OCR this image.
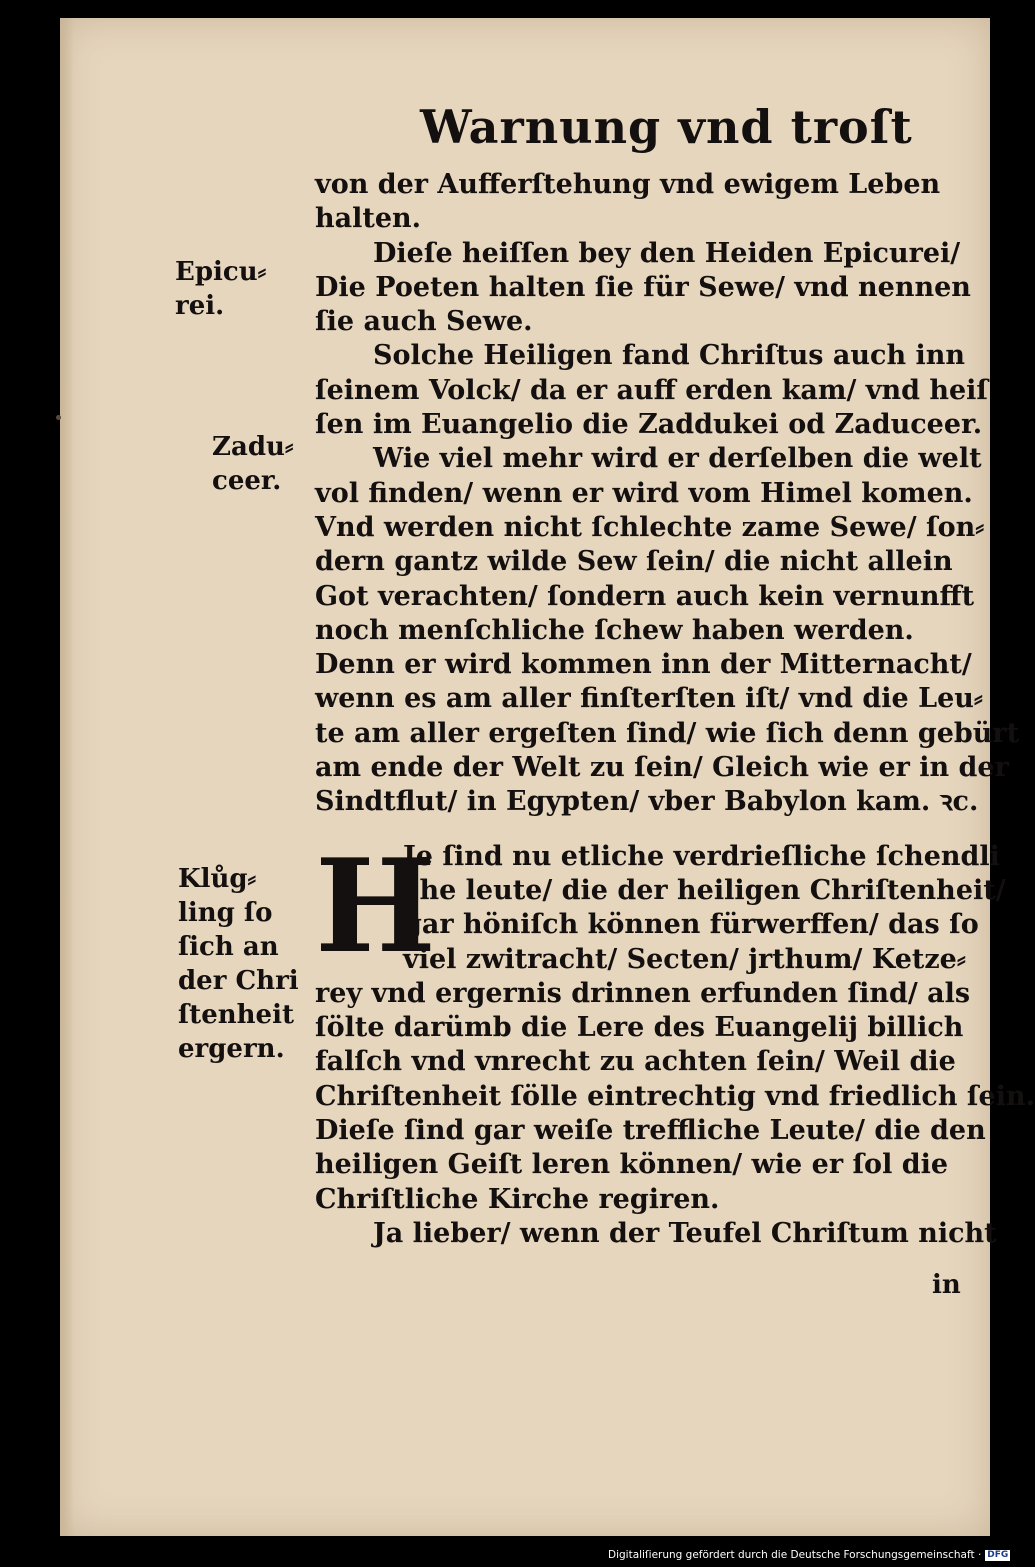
Warnung vnd troſt
Epicu⸗
rei.
Zadu⸗
ceer.
Klůg⸗
ling ſo
ſich an
der Chri
ſtenheit
ergern.

von der Aufferſtehung vnd ewigem Leben
halten.

Dieſe heiſſen bey den Heiden Epicurei/
Die Poeten halten ſie für Sewe/ vnd nennen
ſie auch Sewe.

Solche Heiligen fand Chriſtus auch inn
ſeinem Volck/ da er auff erden kam/ vnd heiſ
ſen im Euangelio die Zaddukei od Zaduceer.

Wie viel mehr wird er derſelben die welt
vol finden/ wenn er wird vom Himel komen.
Vnd werden nicht ſchlechte zame Sewe/ ſon⸗
dern gantz wilde Sew ſein/ die nicht allein
Got verachten/ ſondern auch kein vernunfft
noch menſchliche ſchew haben werden.
Denn er wird kommen inn der Mitternacht/
wenn es am aller finſterſten iſt/ vnd die Leu⸗
te am aller ergeſten ſind/ wie ſich denn gebürt
am ende der Welt zu ſein/ Gleich wie er in der
Sindtflut/ in Egypten/ vber Babylon kam. ꝛc.

H
Je ſind nu etliche verdrieſliche ſchendli
che leute/ die der heiligen Chriſtenheit/
gar höniſch können fürwerffen/ das ſo
viel zwitracht/ Secten/ jrthum/ Ketze⸗
rey vnd ergernis drinnen erfunden ſind/ als
ſölte darümb die Lere des Euangelij billich
falſch vnd vnrecht zu achten ſein/ Weil die
Chriſtenheit ſölle eintrechtig vnd friedlich ſein.
Dieſe ſind gar weiſe treffliche Leute/ die den
heiligen Geiſt leren können/ wie er ſol die
Chriſtliche Kirche regiren.

Ja lieber/ wenn der Teufel Chriſtum nicht

in
Digitaliſierung gefördert durch die Deutsche Forschungsgemeinschaft · DFG
